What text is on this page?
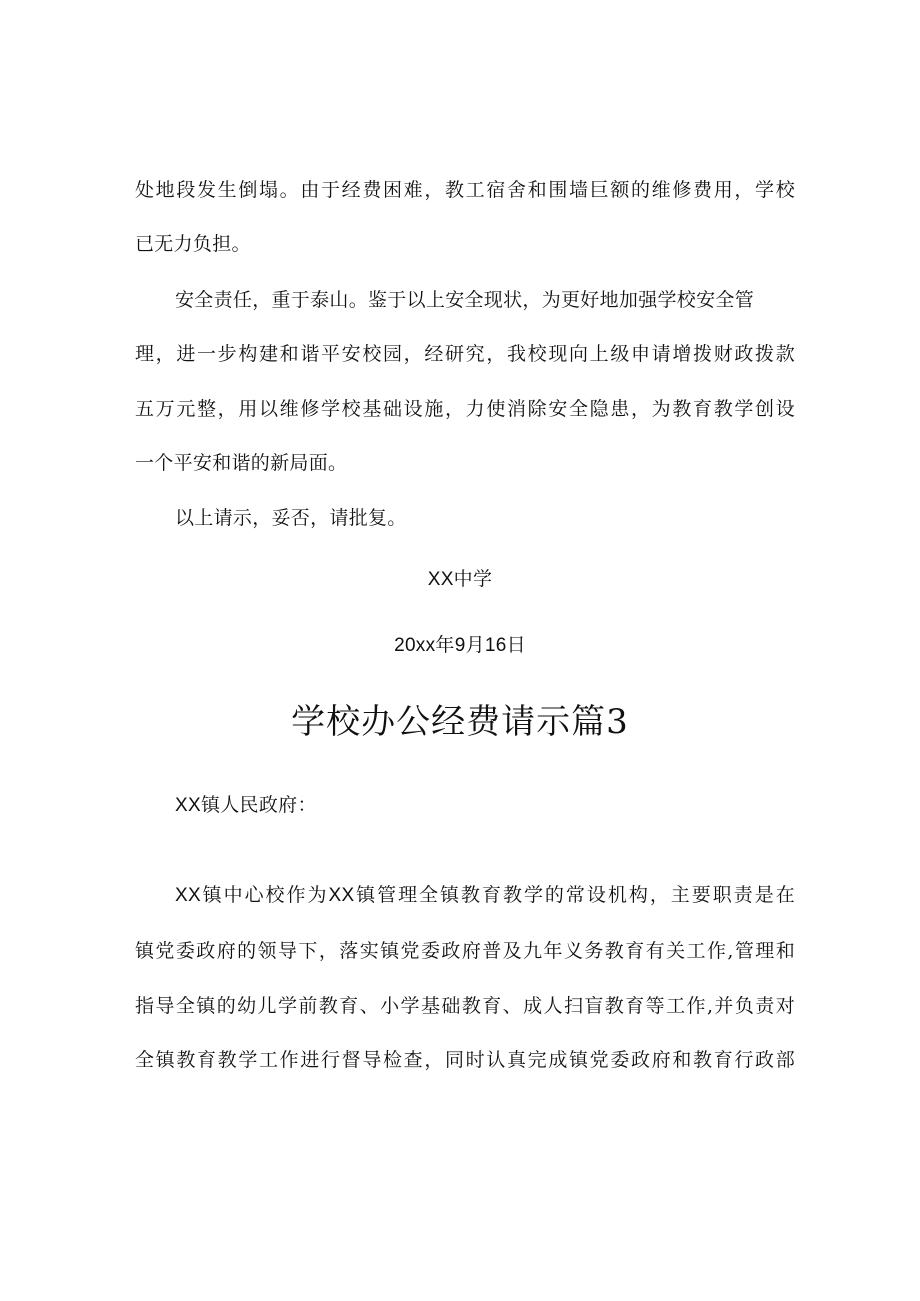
处地段发生倒塌。由于经费困难，教工宿舍和围墙巨额的维修费用，学校
已无力负担。
安全责任，重于泰山。鉴于以上安全现状，为更好地加强学校安全管
理，进一步构建和谐平安校园，经研究，我校现向上级申请增拨财政拨款
五万元整，用以维修学校基础设施，力使消除安全隐患，为教育教学创设
一个平安和谐的新局面。
以上请示，妥否，请批复。
XX中学
20xx年9月16日
学校办公经费请示篇3
XX镇人民政府：
XX镇中心校作为XX镇管理全镇教育教学的常设机构，主要职责是在
镇党委政府的领导下，落实镇党委政府普及九年义务教育有关工作,管理和
指导全镇的幼儿学前教育、小学基础教育、成人扫盲教育等工作,并负责对
全镇教育教学工作进行督导检查，同时认真完成镇党委政府和教育行政部
